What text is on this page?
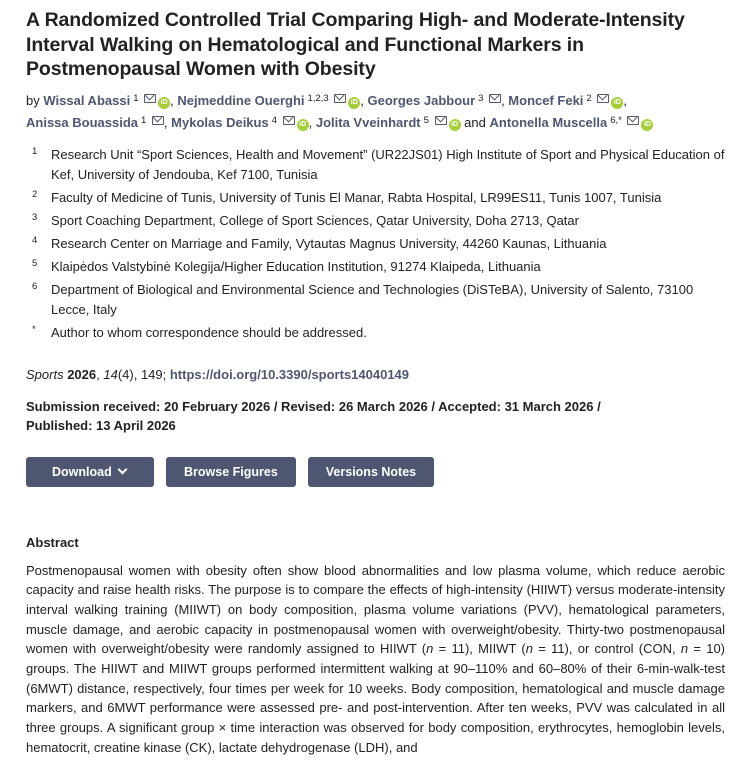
A Randomized Controlled Trial Comparing High- and Moderate-Intensity Interval Walking on Hematological and Functional Markers in Postmenopausal Women with Obesity
by Wissal Abassi $^1$	iD , Nejmeddine Ouerghi $^{1,2,3}$	iD , Georges Jabbour $^3$ , Moncef Feki $^2$	iD ,
Anissa Bouassida $^1$ , Mykolas Deikus $^4$	iD , Jolita Vveinhardt $^5$	iD and Antonella Muscella $^{6,*}$	iD
1	Research Unit “Sport Sciences, Health and Movement” (UR22JS01) High Institute of Sport and Physical Education of Kef, University of Jendouba, Kef 7100, Tunisia
2	Faculty of Medicine of Tunis, University of Tunis El Manar, Rabta Hospital, LR99ES11, Tunis 1007, Tunisia
3	Sport Coaching Department, College of Sport Sciences, Qatar University, Doha 2713, Qatar
4	Research Center on Marriage and Family, Vytautas Magnus University, 44260 Kaunas, Lithuania
5	Klaipėdos Valstybinė Kolegija/Higher Education Institution, 91274 Klaipeda, Lithuania
6	Department of Biological and Environmental Science and Technologies (DiSTeBA), University of Salento, 73100 Lecce, Italy
*	Author to whom correspondence should be addressed.
Sports 2026, 14(4), 149; https://doi.org/10.3390/sports14040149
Submission received: 20 February 2026 / Revised: 26 March 2026 / Accepted: 31 March 2026 /
Published: 13 April 2026
Download	Browse Figures	Versions Notes
Abstract
Postmenopausal women with obesity often show blood abnormalities and low plasma volume, which reduce aerobic capacity and raise health risks. The purpose is to compare the effects of high-intensity (HIIWT) versus moderate-intensity interval walking training (MIIWT) on body composition, plasma volume variations (PVV), hematological parameters, muscle damage, and aerobic capacity in postmenopausal women with overweight/obesity. Thirty-two postmenopausal women with overweight/obesity were randomly assigned to HIIWT (n = 11), MIIWT (n = 11), or control (CON, n = 10) groups. The HIIWT and MIIWT groups performed intermittent walking at 90–110% and 60–80% of their 6-min-walk-test (6MWT) distance, respectively, four times per week for 10 weeks. Body composition, hematological and muscle damage markers, and 6MWT performance were assessed pre- and post-intervention. After ten weeks, PVV was calculated in all three groups. A significant group × time interaction was observed for body composition, erythrocytes, hemoglobin levels, hematocrit, creatine kinase (CK), lactate dehydrogenase (LDH), and
